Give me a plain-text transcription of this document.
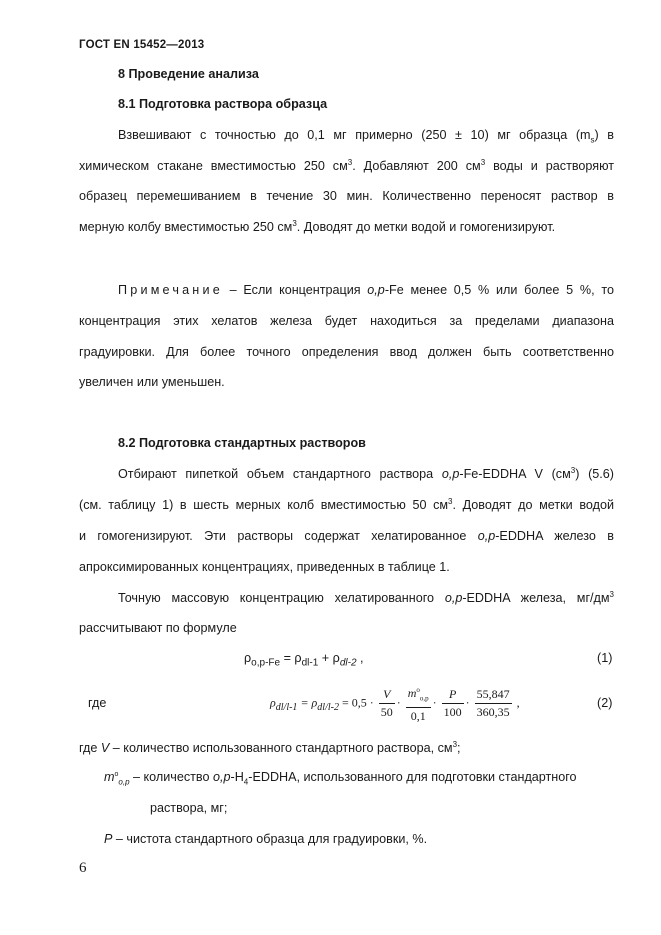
ГОСТ EN 15452—2013
8 Проведение анализа
8.1 Подготовка раствора образца
Взвешивают с точностью до 0,1 мг примерно (250 ± 10) мг образца $(m_s)$ в
химическом стакане вместимостью 250 $см^3$. Добавляют 200 $см^3$ воды и растворяют
образец перемешиванием в течение 30 мин. Количественно переносят раствор в
мерную колбу вместимостью 250 $см^3$. Доводят до метки водой и гомогенизируют.
Примечание – Если концентрация o,p-Fe менее 0,5 % или более 5 %, то
концентрация этих хелатов железа будет находиться за пределами диапазона
градуировки. Для более точного определения ввод должен быть соответственно
увеличен или уменьшен.
8.2 Подготовка стандартных растворов
Отбирают пипеткой объем стандартного раствора o,p-Fe-EDDHA V $(см^3)$ (5.6)
(см. таблицу 1) в шесть мерных колб вместимостью 50 $см^3$. Доводят до метки водой
и гомогенизируют. Эти растворы содержат хелатированное o,p-EDDHA железо в
апроксимированных концентрациях, приведенных в таблице 1.
Точную массовую концентрацию хелатированного o,p-EDDHA железа, $мг/дм^3$
рассчитывают по формуле
$\rho_{o,p-Fe} = \rho_{dl-1} + \rho_{dl-2}$ ,	(1)
где	$\rho_{dl/l-1} = \rho_{dl/l-2} = 0,5 \cdot \frac{V}{50} \cdot \frac{m^o_{o,p}}{0,1} \cdot \frac{P}{100} \cdot \frac{55,847}{360,35}$ ,	(2)
где V – количество использованного стандартного раствора, $см^3$;
$m^o_{o,p}$ – количество $o,p-H_4$-EDDHA, использованного для подготовки стандартного
раствора, мг;
P – чистота стандартного образца для градуировки, %.
6
